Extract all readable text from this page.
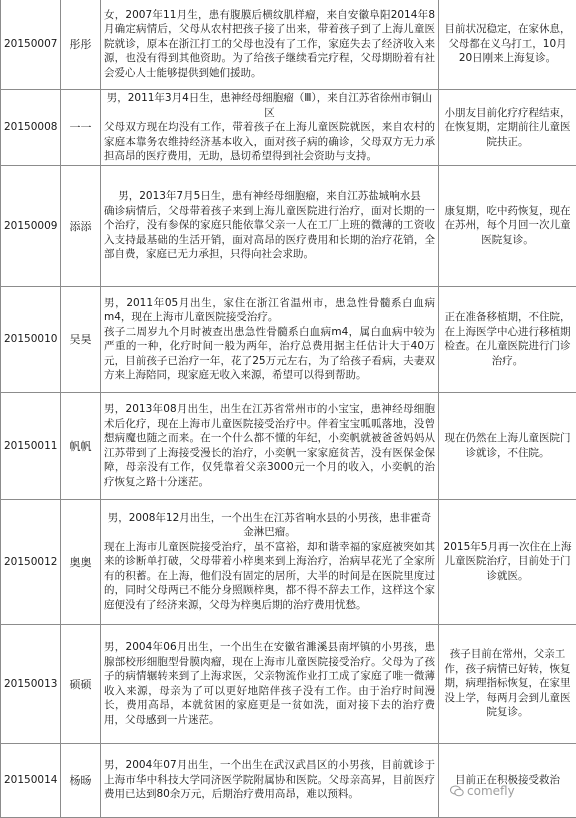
20150007	彤彤	女，2007年11月生，患有腹膜后横纹肌样瘤，来自安徽阜阳2014年8月确定病情后，父母从农村把孩子接了出来，带着孩子到了上海儿童医院就诊，原本在浙江打工的父母也没有了工作，家庭失去了经济收入来源，也没有得到其他资助。为了给孩子继续看完疗程，父母期盼着有社会爱心人士能够提供到她们援助。	目前状况稳定，在家休息，父母都在义乌打工，10月20日刚来上海复诊。
20150008	一一	男，2011年3月4日生，患神经母细胞瘤（Ⅲ），来自江苏省徐州市铜山区

父母双方现在均没有工作，带着孩子在上海儿童医院就医，来自农村的家庭本靠务农维持经济基本收入，面对孩子病的确诊，父母双方无力承担高昂的医疗费用，无助，恳切希望得到社会资助与支持。	小朋友目前化疗疗程结束，在恢复期，定期前往儿童医院扶正。
20150009	添添	男，2013年7月5日生，患有神经母细胞瘤，来自江苏盐城响水县

确诊病情后，父母带着孩子来到上海儿童医院进行治疗，面对长期的一个治疗，没有参保的家庭只能依靠父亲一人在工厂上班的微薄的工资收入支持最基础的生活开销，面对高昂的医疗费用和长期的治疗花销，全部自费，家庭已无力承担，只得向社会求助。	康复期，吃中药恢复，现在在苏州，每个月回一次儿童医院复诊。
20150010	吴昊	男，2011年05月出生，家住在浙江省温州市，患急性骨髓系白血病m4，现在上海市儿童医院接受治疗。

孩子二周岁九个月时被查出患急性骨髓系白血病m4，属白血病中较为严重的一种，化疗时间一般为两年，治疗总费用据主任估计大于40万元，目前孩子已治疗一年，花了25万元左右，为了给孩子看病，夫妻双方来上海陪同，现家庭无收入来源，希望可以得到帮助。	正在准备移植期，不住院，在上海医学中心进行移植期检查。在儿童医院进行门诊治疗。
20150011	帆帆	男，2013年08月出生，出生在江苏省常州市的小宝宝，患神经母细胞术后化疗，现在上海市儿童医院接受治疗中。伴着宝宝呱呱落地，没曾想病魔也随之而来。在一个什么都不懂的年纪，小奕帆就被爸爸妈妈从江苏带到了上海接受漫长的治疗，小奕帆一家家庭贫苦，没有医保金保障，母亲没有工作，仅凭靠着父亲3000元一个月的收入，小奕帆的治疗恢复之路十分迷茫。	现在仍然在上海儿童医院门诊就诊，不住院。
20150012	奥奥	男，2008年12月出生，一个出生在江苏省响水县的小男孩，患非霍奇金淋巴瘤。

现在上海市儿童医院接受治疗，虽不富裕，却和谐幸福的家庭被突如其来的诊断单打破，父母带着小梓奥来到上海治疗，治病早花光了全家所有的积蓄。在上海，他们没有固定的居所，大半的时间是在医院里度过的，同时父母两已不能分身照顾梓奥，都不得不辞去工作，这样这个家庭便没有了经济来源，父母为梓奥后期的治疗费用忧愁。	2015年5月再一次住在上海儿童医院治疗，目前处于门诊就医。
20150013	硕硕	男，2004年06月出生，一个出生在安徽省濉溪县南坪镇的小男孩，患腺部校形细胞型骨膜肉瘤，现在上海市儿童医院接受治疗。父母为了孩子的病情辗转来到了上海求医，父亲物流作业打工成了家庭了唯一微薄收入来源，母亲为了可以更好地陪伴孩子没有工作。由于治疗时间漫长，费用高昂，本就贫困的家庭更是一贫如洗，面对接下去的治疗费用，父母感到一片迷茫。	孩子目前在常州，父亲工作，孩子病情已好转，恢复期，病理指标恢复，在家里没上学，每两月会到儿童医院复诊。
20150014	杨旸	男，2004年07月出生，一个出生在武汉武昌区的小男孩，目前就诊于上海市华中科技大学同济医学院附属协和医院。父母亲高昇，目前医疗费用已达到80余万元，后期治疗费用高昂，难以预料。	目前正在积极接受救治
comefly
